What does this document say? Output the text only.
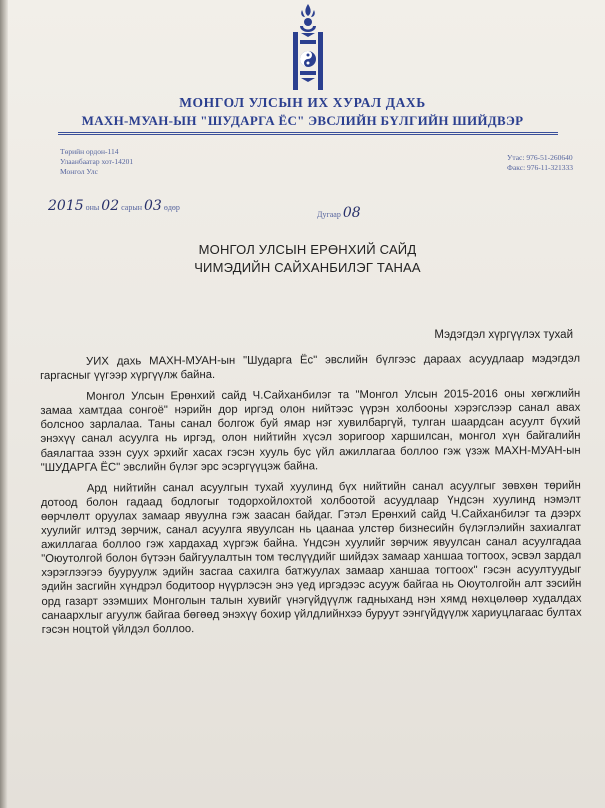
МОНГОЛ УЛСЫН ИХ ХУРАЛ ДАХЬ
МАХН-МУАН-ЫН "ШУДАРГА ЁС" ЭВСЛИЙН БҮЛГИЙН ШИЙДВЭР
Төрийн ордон-114
Улаанбаатар хот-14201
Монгол Улс
Утас: 976-51-260640
Факс: 976-11-321333
2015 оны 02 сарын 03 өдөр
Дугаар 08
МОНГОЛ УЛСЫН ЕРӨНХИЙ САЙД
ЧИМЭДИЙН САЙХАНБИЛЭГ ТАНАА
Мэдэгдэл хүргүүлэх тухай

УИХ дахь МАХН-МУАН-ын "Шударга Ёс" эвслийн бүлгээс дараах асуудлаар мэдэгдэл гаргасныг үүгээр хүргүүлж байна.

Монгол Улсын Ерөнхий сайд Ч.Сайханбилэг та "Монгол Улсын 2015-2016 оны хөгжлийн замаа хамтдаа сонгоё" нэрийн дор иргэд олон нийтээс үүрэн холбооны хэрэгслээр санал авах болсноо зарлалаа. Таны санал болгож буй ямар нэг хувилбаргүй, тулган шаардсан асуулт бүхий энэхүү санал асуулга нь иргэд, олон нийтийн хүсэл зоригоор харшилсан, монгол хүн байгалийн баялагтаа эзэн суух эрхийг хасах гэсэн хууль бус үйл ажиллагаа боллоо гэж үзэж МАХН-МУАН-ын "ШУДАРГА ЁС" эвслийн бүлэг эрс эсэргүүцэж байна.

Ард нийтийн санал асуулгын тухай хуулинд бүх нийтийн санал асуулгыг зөвхөн төрийн дотоод болон гадаад бодлогыг тодорхойлохтой холбоотой асуудлаар Үндсэн хуулинд нэмэлт өөрчлөлт оруулах замаар явуулна гэж заасан байдаг. Гэтэл Ерөнхий сайд Ч.Сайханбилэг та дээрх хуулийг илтэд зөрчиж, санал асуулга явуулсан нь цаанаа улстөр бизнесийн бүлэглэлийн захиалгат ажиллагаа боллоо гэж хардахад хүргэж байна. Үндсэн хуулийг зөрчиж явуулсан санал асуулгадаа "Оюутолгой болон бүтээн байгуулалтын том төслүүдийг шийдэх замаар ханшаа тогтоох, эсвэл зардал хэрэглээгээ бууруулж эдийн засгаа сахилга батжуулах замаар ханшаа тогтоох" гэсэн асуултуудыг эдийн засгийн хүндрэл бодитоор нүүрлэсэн энэ үед иргэдээс асууж байгаа нь Оюутолгойн алт зэсийн орд газарт эзэмших Монголын талын хувийг үнэгүйдүүлж гадныханд нэн хямд нөхцөлөөр худалдах санаархлыг агуулж байгаа бөгөөд энэхүү бохир үйлдлийнхээ буруут ээнгүйдүүлж хариуцлагаас бултах гэсэн ноцтой үйлдэл боллоо.
